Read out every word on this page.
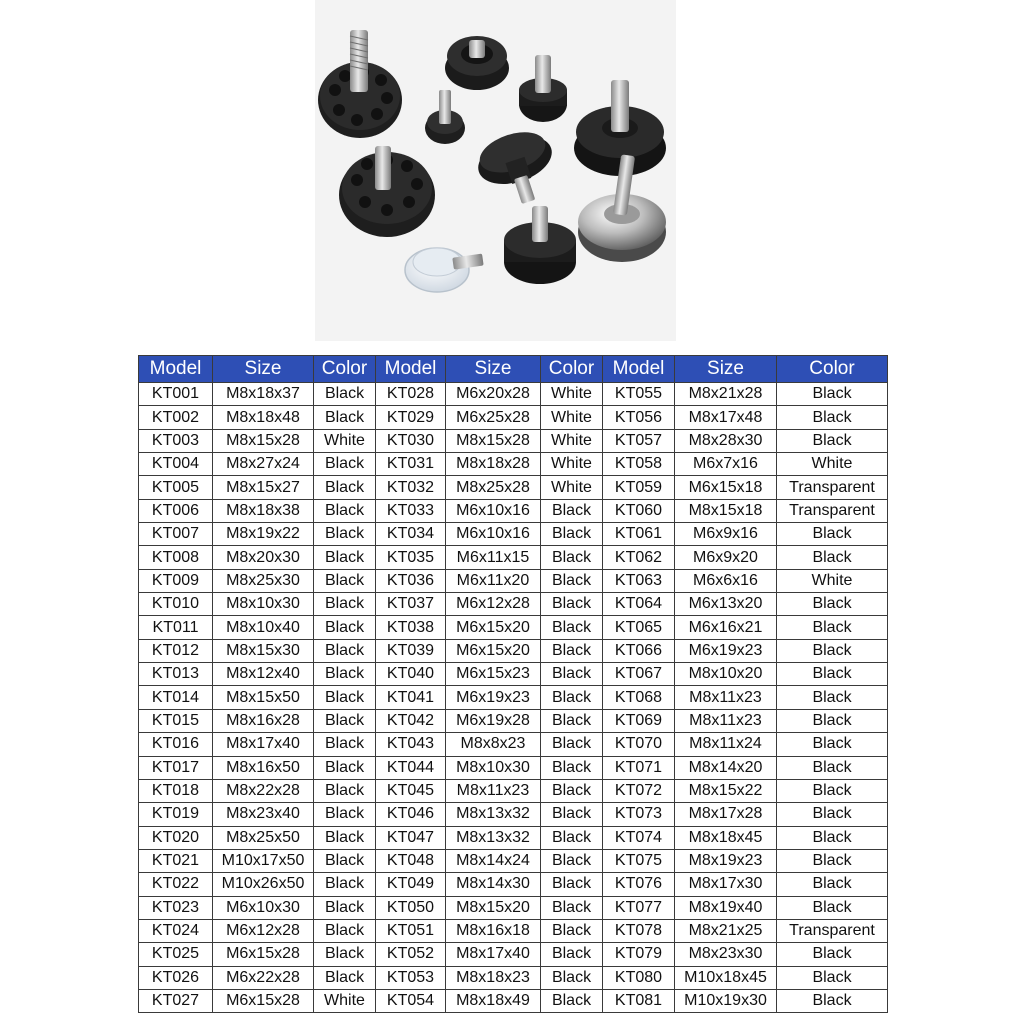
Model	Size	Color	Model	Size	Color	Model	Size	Color
KT001	M8x18x37	Black	KT028	M6x20x28	White	KT055	M8x21x28	Black
KT002	M8x18x48	Black	KT029	M6x25x28	White	KT056	M8x17x48	Black
KT003	M8x15x28	White	KT030	M8x15x28	White	KT057	M8x28x30	Black
KT004	M8x27x24	Black	KT031	M8x18x28	White	KT058	M6x7x16	White
KT005	M8x15x27	Black	KT032	M8x25x28	White	KT059	M6x15x18	Transparent
KT006	M8x18x38	Black	KT033	M6x10x16	Black	KT060	M8x15x18	Transparent
KT007	M8x19x22	Black	KT034	M6x10x16	Black	KT061	M6x9x16	Black
KT008	M8x20x30	Black	KT035	M6x11x15	Black	KT062	M6x9x20	Black
KT009	M8x25x30	Black	KT036	M6x11x20	Black	KT063	M6x6x16	White
KT010	M8x10x30	Black	KT037	M6x12x28	Black	KT064	M6x13x20	Black
KT011	M8x10x40	Black	KT038	M6x15x20	Black	KT065	M6x16x21	Black
KT012	M8x15x30	Black	KT039	M6x15x20	Black	KT066	M6x19x23	Black
KT013	M8x12x40	Black	KT040	M6x15x23	Black	KT067	M8x10x20	Black
KT014	M8x15x50	Black	KT041	M6x19x23	Black	KT068	M8x11x23	Black
KT015	M8x16x28	Black	KT042	M6x19x28	Black	KT069	M8x11x23	Black
KT016	M8x17x40	Black	KT043	M8x8x23	Black	KT070	M8x11x24	Black
KT017	M8x16x50	Black	KT044	M8x10x30	Black	KT071	M8x14x20	Black
KT018	M8x22x28	Black	KT045	M8x11x23	Black	KT072	M8x15x22	Black
KT019	M8x23x40	Black	KT046	M8x13x32	Black	KT073	M8x17x28	Black
KT020	M8x25x50	Black	KT047	M8x13x32	Black	KT074	M8x18x45	Black
KT021	M10x17x50	Black	KT048	M8x14x24	Black	KT075	M8x19x23	Black
KT022	M10x26x50	Black	KT049	M8x14x30	Black	KT076	M8x17x30	Black
KT023	M6x10x30	Black	KT050	M8x15x20	Black	KT077	M8x19x40	Black
KT024	M6x12x28	Black	KT051	M8x16x18	Black	KT078	M8x21x25	Transparent
KT025	M6x15x28	Black	KT052	M8x17x40	Black	KT079	M8x23x30	Black
KT026	M6x22x28	Black	KT053	M8x18x23	Black	KT080	M10x18x45	Black
KT027	M6x15x28	White	KT054	M8x18x49	Black	KT081	M10x19x30	Black
